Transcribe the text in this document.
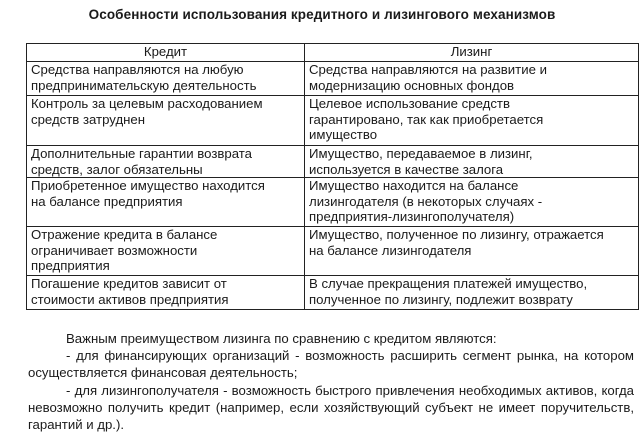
Особенности использования кредитного и лизингового механизмов
Кредит	Лизинг

Средства направляются на любую
предпринимательскую деятельность	Средства направляются на развитие и
модернизацию основных фондов

Контроль за целевым расходованием
средств затруднен	Целевое использование средств
гарантировано, так как приобретается
имущество

Дополнительные гарантии возврата
средств, залог обязательны	Имущество, передаваемое в лизинг,
используется в качестве залога

Приобретенное имущество находится
на балансе предприятия	Имущество находится на балансе
лизингодателя (в некоторых случаях -
предприятия-лизингополучателя)

Отражение кредита в балансе
ограничивает возможности
предприятия	Имущество, полученное по лизингу, отражается
на балансе лизингодателя

Погашение кредитов зависит от
стоимости активов предприятия	В случае прекращения платежей имущество,
полученное по лизингу, подлежит возврату

Важным преимуществом лизинга по сравнению с кредитом являются:

- для финансирующих организаций - возможность расширить сегмент рынка, на котором осуществляется финансовая деятельность;

- для лизингополучателя - возможность быстрого привлечения необходимых активов, когда невозможно получить кредит (например, если хозяйствующий субъект не имеет поручительств, гарантий и др.).
